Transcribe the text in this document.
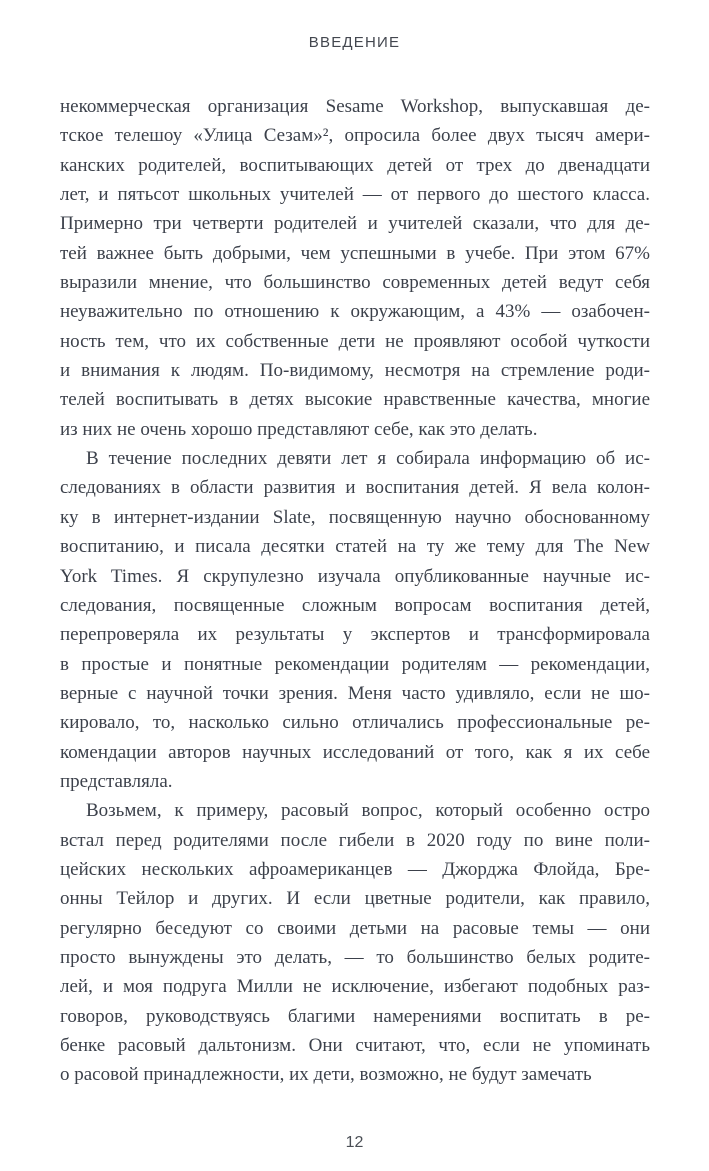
ВВЕДЕНИЕ
некоммерческая организация Sesame Workshop, выпускавшая де-
тское телешоу «Улица Сезам»², опросила более двух тысяч амери-
канских родителей, воспитывающих детей от трех до двенадцати
лет, и пятьсот школьных учителей — от первого до шестого класса.
Примерно три четверти родителей и учителей сказали, что для де-
тей важнее быть добрыми, чем успешными в учебе. При этом 67%
выразили мнение, что большинство современных детей ведут себя
неуважительно по отношению к окружающим, а 43% — озабочен-
ность тем, что их собственные дети не проявляют особой чуткости
и внимания к людям. По-видимому, несмотря на стремление роди-
телей воспитывать в детях высокие нравственные качества, многие
из них не очень хорошо представляют себе, как это делать.
В течение последних девяти лет я собирала информацию об ис-
следованиях в области развития и воспитания детей. Я вела колон-
ку в интернет-издании Slate, посвященную научно обоснованному
воспитанию, и писала десятки статей на ту же тему для The New
York Times. Я скрупулезно изучала опубликованные научные ис-
следования, посвященные сложным вопросам воспитания детей,
перепроверяла их результаты у экспертов и трансформировала
в простые и понятные рекомендации родителям — рекомендации,
верные с научной точки зрения. Меня часто удивляло, если не шо-
кировало, то, насколько сильно отличались профессиональные ре-
комендации авторов научных исследований от того, как я их себе
представляла.
Возьмем, к примеру, расовый вопрос, который особенно остро
встал перед родителями после гибели в 2020 году по вине поли-
цейских нескольких афроамериканцев — Джорджа Флойда, Бре-
онны Тейлор и других. И если цветные родители, как правило,
регулярно беседуют со своими детьми на расовые темы — они
просто вынуждены это делать, — то большинство белых родите-
лей, и моя подруга Милли не исключение, избегают подобных раз-
говоров, руководствуясь благими намерениями воспитать в ре-
бенке расовый дальтонизм. Они считают, что, если не упоминать
о расовой принадлежности, их дети, возможно, не будут замечать
12
